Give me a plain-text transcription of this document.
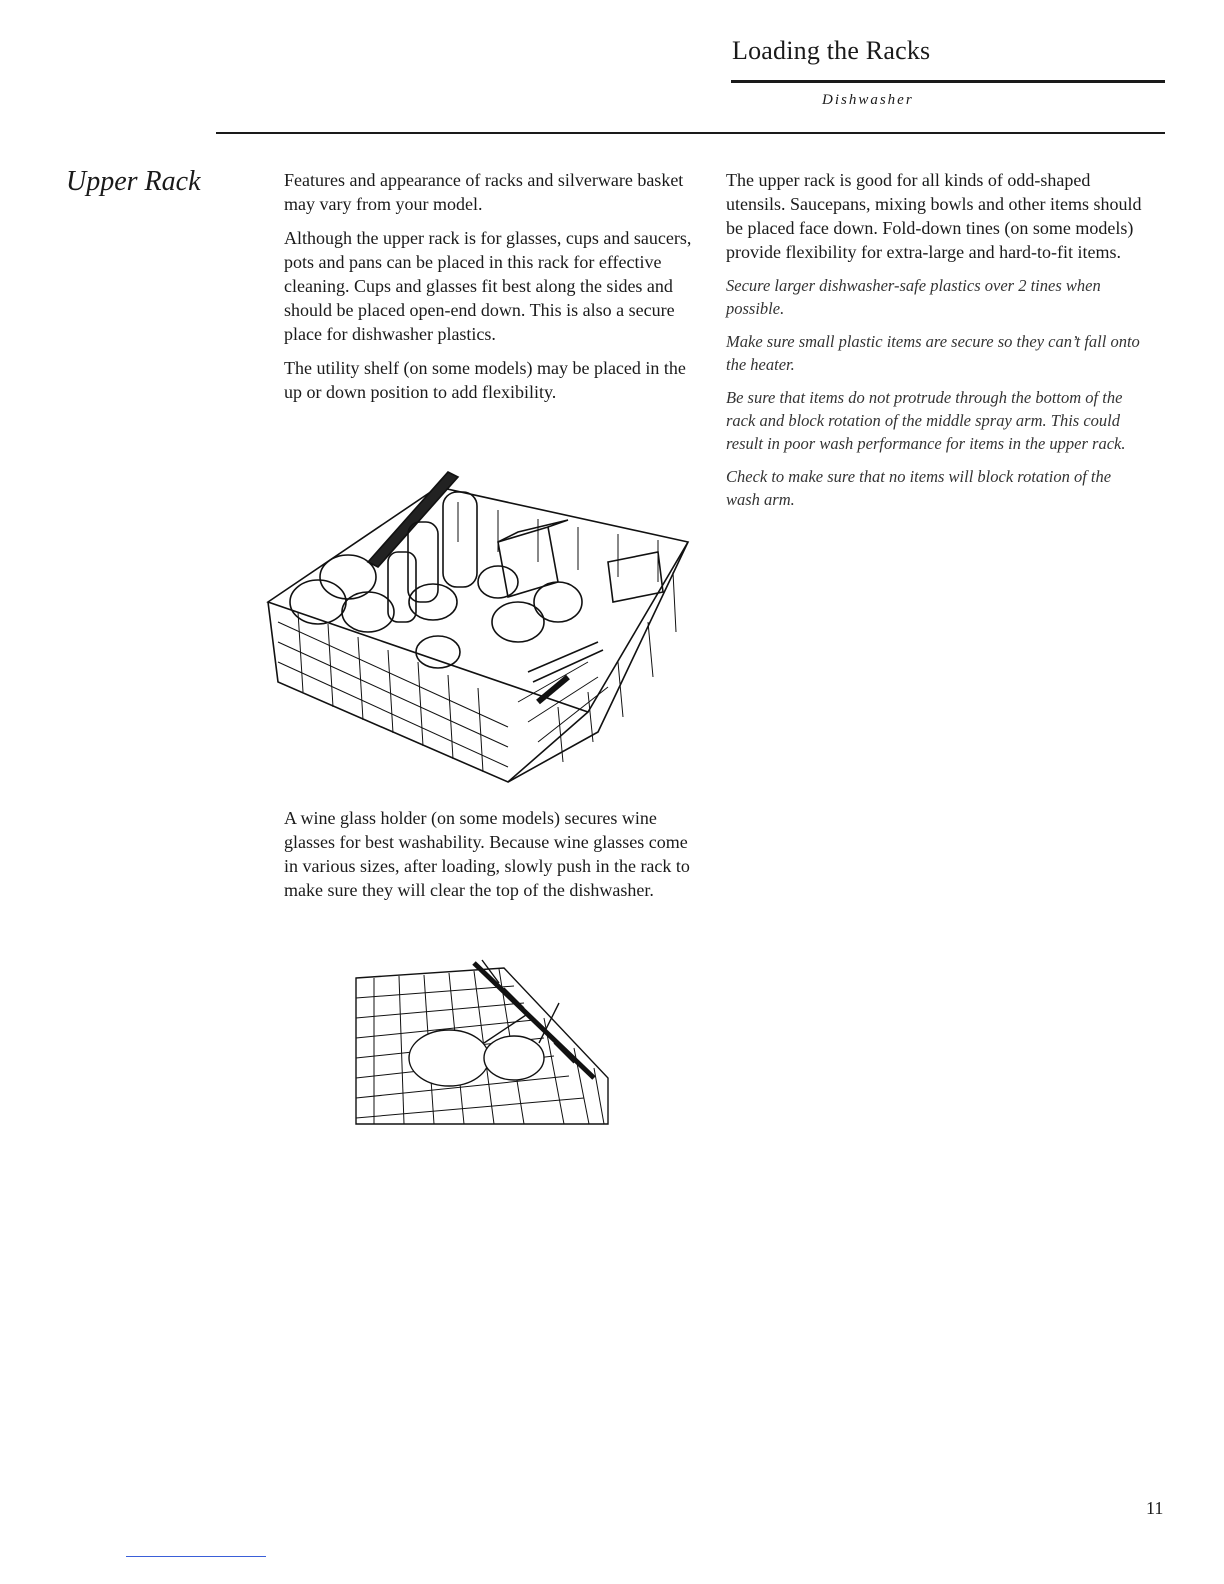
Loading the Racks
Dishwasher
Upper Rack	Features and appearance of racks and silverware basket may vary from your model.

Although the upper rack is for glasses, cups and saucers, pots and pans can be placed in this rack for effective cleaning. Cups and glasses fit best along the sides and should be placed open-end down. This is also a secure place for dishwasher plastics.

The utility shelf (on some models) may be placed in the up or down position to add flexibility.

The upper rack is good for all kinds of odd-shaped utensils. Saucepans, mixing bowls and other items should be placed face down. Fold-down tines (on some models) provide flexibility for extra-large and hard-to-fit items.

Secure larger dishwasher-safe plastics over 2 tines when possible.

Make sure small plastic items are secure so they can’t fall onto the heater.

Be sure that items do not protrude through the bottom of the rack and block rotation of the middle spray arm. This could result in poor wash performance for items in the upper rack.

Check to make sure that no items will block rotation of the wash arm.

A wine glass holder (on some models) secures wine glasses for best washability. Because wine glasses come in various sizes, after loading, slowly push in the rack to make sure they will clear the top of the dishwasher.
11
